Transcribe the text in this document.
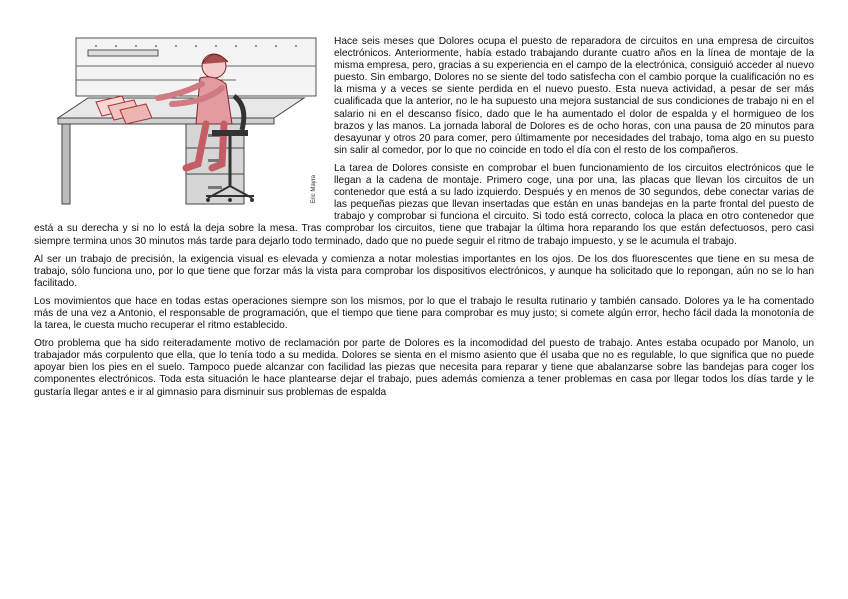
Eric Mayra

Hace seis meses que Dolores ocupa el puesto de reparadora de circuitos en una empresa de circuitos electrónicos. Anteriormente, había estado trabajando durante cuatro años en la línea de montaje de la misma empresa, pero, gracias a su experiencia en el campo de la electrónica, consiguió acceder al nuevo puesto. Sin embargo, Dolores no se siente del todo satisfecha con el cambio porque la cualificación no es la misma y a veces se siente perdida en el nuevo puesto. Esta nueva actividad, a pesar de ser más cualificada que la anterior, no le ha supuesto una mejora sustancial de sus condiciones de trabajo ni en el salario ni en el descanso físico, dado que le ha aumentado el dolor de espalda y el hormigueo de los brazos y las manos. La jornada laboral de Dolores es de ocho horas, con una pausa de 20 minutos para desayunar y otros 20 para comer, pero últimamente por necesidades del trabajo, toma algo en su puesto sin salir al comedor, por lo que no coincide en todo el día con el resto de los compañeros.

La tarea de Dolores consiste en comprobar el buen funcionamiento de los circuitos electrónicos que le llegan a la cadena de montaje. Primero coge, una por una, las placas que llevan los circuitos de un contenedor que está a su lado izquierdo. Después y en menos de 30 segundos, debe conectar varias de las pequeñas piezas que llevan insertadas que están en unas bandejas en la parte frontal del puesto de trabajo y comprobar si funciona el circuito. Si todo está correcto, coloca la placa en otro contenedor que está a su derecha y si no lo está la deja sobre la mesa. Tras comprobar los circuitos, tiene que trabajar la última hora reparando los que están defectuosos, pero casi siempre termina unos 30 minutos más tarde para dejarlo todo terminado, dado que no puede seguir el ritmo de trabajo impuesto, y se le acumula el trabajo.

Al ser un trabajo de precisión, la exigencia visual es elevada y comienza a notar molestias importantes en los ojos. De los dos fluorescentes que tiene en su mesa de trabajo, sólo funciona uno, por lo que tiene que forzar más la vista para comprobar los dispositivos electrónicos, y aunque ha solicitado que lo repongan, aún no se lo han facilitado.

Los movimientos que hace en todas estas operaciones siempre son los mismos, por lo que el trabajo le resulta rutinario y también cansado. Dolores ya le ha comentado más de una vez a Antonio, el responsable de programación, que el tiempo que tiene para comprobar es muy justo; si comete algún error, hecho fácil dada la monotonía de la tarea, le cuesta mucho recuperar el ritmo establecido.

Otro problema que ha sido reiteradamente motivo de reclamación por parte de Dolores es la incomodidad del puesto de trabajo. Antes estaba ocupado por Manolo, un trabajador más corpulento que ella, que lo tenía todo a su medida. Dolores se sienta en el mismo asiento que él usaba que no es regulable, lo que significa que no puede apoyar bien los pies en el suelo. Tampoco puede alcanzar con facilidad las piezas que necesita para reparar y tiene que abalanzarse sobre las bandejas para coger los componentes electrónicos. Toda esta situación le hace plantearse dejar el trabajo, pues además comienza a tener problemas en casa por llegar todos los días tarde y le gustaría llegar antes e ir al gimnasio para disminuir sus problemas de espalda
